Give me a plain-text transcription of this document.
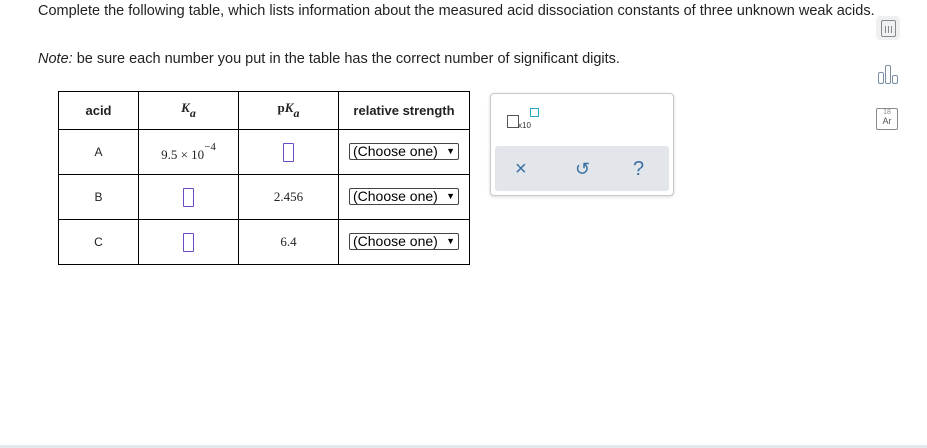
Complete the following table, which lists information about the measured acid dissociation constants of three unknown weak acids.
Note: be sure each number you put in the table has the correct number of significant digits.
acid	$K_a$	$pK_a$	relative strength
A	$9.5 \times 10^{-4}$		(Choose one) ▼

B		2.456	(Choose one) ▼

C		6.4	(Choose one) ▼
x10
×	↺ ?
18
Ar
